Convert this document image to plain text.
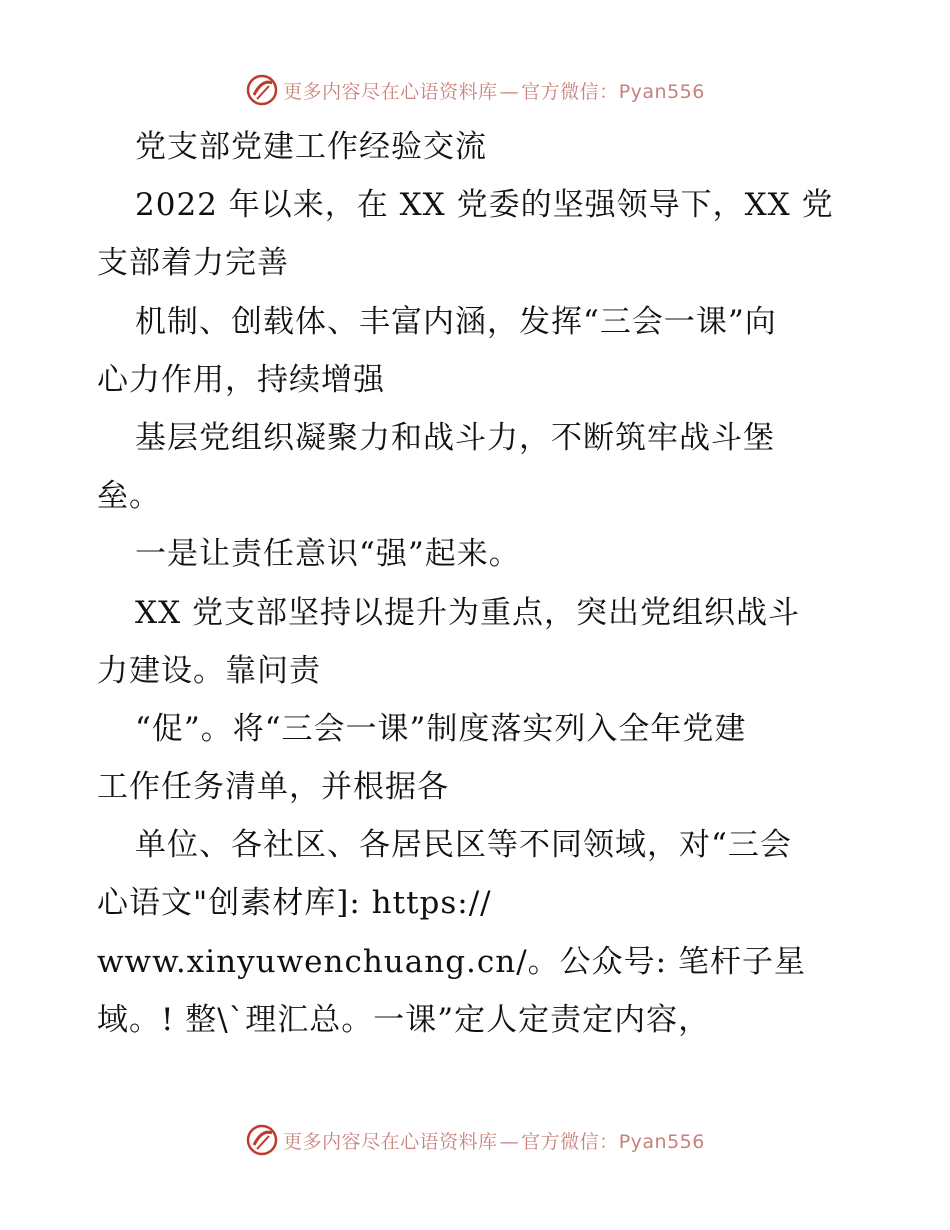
更多内容尽在心语资料库 — 官方微信：Pyan556
党支部党建工作经验交流
2022 年以来，在 XX 党委的坚强领导下，XX 党
支部着力完善
机制、创载体、丰富内涵，发挥“三会一课”向
心力作用，持续增强
基层党组织凝聚力和战斗力，不断筑牢战斗堡
垒。
一是让责任意识“强”起来。
XX 党支部坚持以提升为重点，突出党组织战斗
力建设。靠问责
“促”。将“三会一课”制度落实列入全年党建
工作任务清单，并根据各
单位、各社区、各居民区等不同领域，对“三会
心语文"创素材库]: https://
www.xinyuwenchuang.cn/。公众号: 笔杆子星
域。! 整\`理汇总。一课”定人定责定内容，
更多内容尽在心语资料库 — 官方微信：Pyan556
